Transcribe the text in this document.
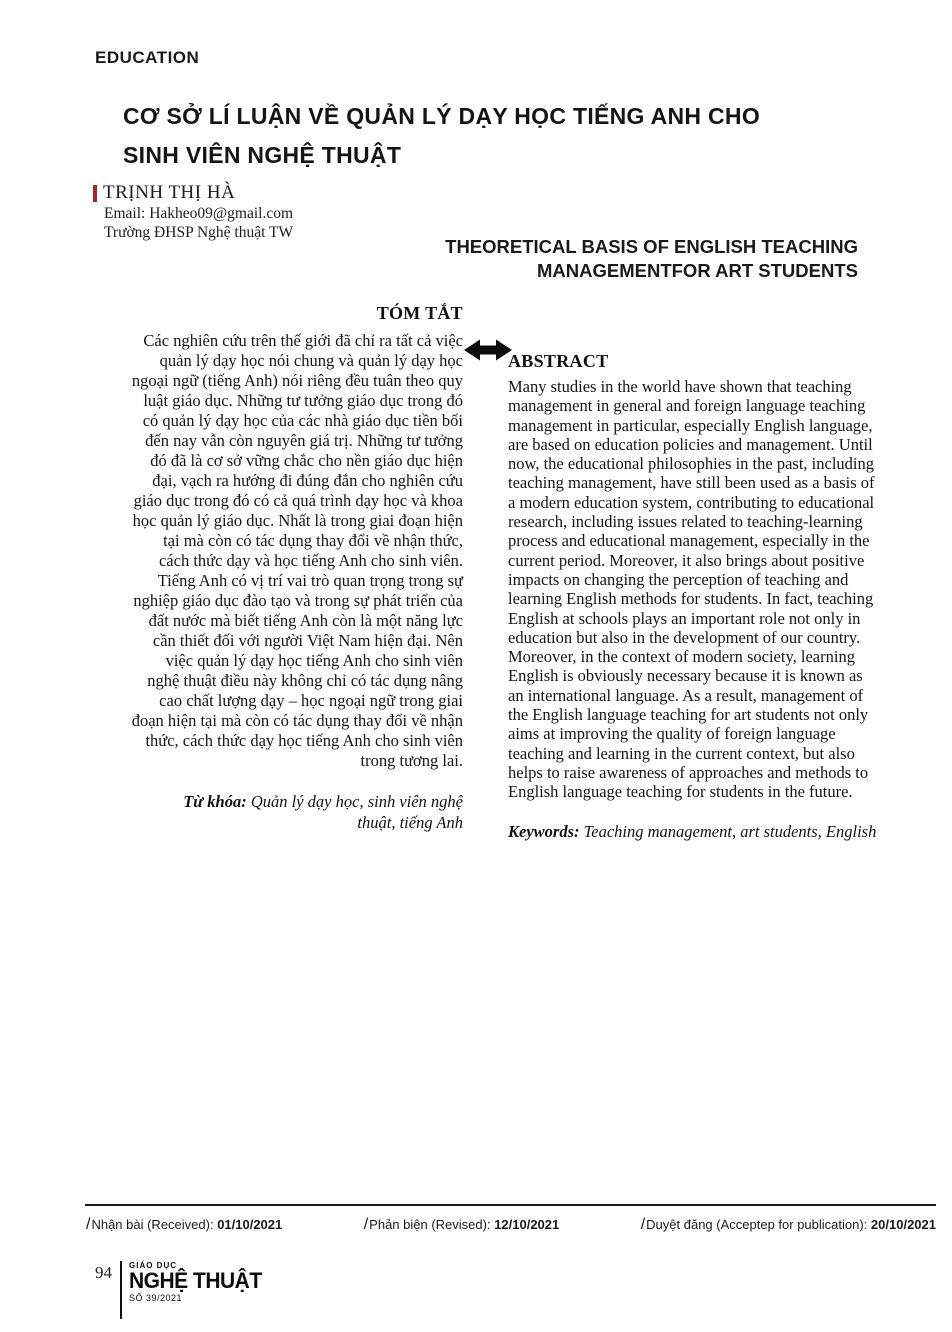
EDUCATION
CƠ SỞ LÍ LUẬN VỀ QUẢN LÝ DẠY HỌC TIẾNG ANH CHO SINH VIÊN NGHỆ THUẬT
TRỊNH THỊ HÀ
Email: Hakheo09@gmail.com
Trường ĐHSP Nghệ thuật TW
THEORETICAL BASIS OF ENGLISH TEACHING MANAGEMENTFOR ART STUDENTS
TÓM TẮT
Các nghiên cứu trên thế giới đã chỉ ra tất cả việc quản lý dạy học nói chung và quản lý dạy học ngoại ngữ (tiếng Anh) nói riêng đều tuân theo quy luật giáo dục. Những tư tưởng giáo dục trong đó có quản lý dạy học của các nhà giáo dục tiền bối đến nay vẫn còn nguyên giá trị. Những tư tưởng đó đã là cơ sở vững chắc cho nền giáo dục hiện đại, vạch ra hướng đi đúng đắn cho nghiên cứu giáo dục trong đó có cả quá trình dạy học và khoa học quản lý giáo dục. Nhất là trong giai đoạn hiện tại mà còn có tác dụng thay đổi về nhận thức, cách thức dạy và học tiếng Anh cho sinh viên. Tiếng Anh có vị trí vai trò quan trọng trong sự nghiệp giáo dục đào tạo và trong sự phát triển của đất nước mà biết tiếng Anh còn là một năng lực cần thiết đối với người Việt Nam hiện đại. Nên việc quản lý dạy học tiếng Anh cho sinh viên nghệ thuật điều này không chỉ có tác dụng nâng cao chất lượng dạy – học ngoại ngữ trong giai đoạn hiện tại mà còn có tác dụng thay đổi về nhận thức, cách thức dạy học tiếng Anh cho sinh viên trong tương lai.
Từ khóa: Quản lý dạy học, sinh viên nghệ thuật, tiếng Anh
ABSTRACT
Many studies in the world have shown that teaching management in general and foreign language teaching management in particular, especially English language, are based on education policies and management. Until now, the educational philosophies in the past, including teaching management, have still been used as a basis of a modern education system, contributing to educational research, including issues related to teaching-learning process and educational management, especially in the current period. Moreover, it also brings about positive impacts on changing the perception of teaching and learning English methods for students. In fact, teaching English at schools plays an important role not only in education but also in the development of our country. Moreover, in the context of modern society, learning English is obviously necessary because it is known as an international language. As a result, management of the English language teaching for art students not only aims at improving the quality of foreign language teaching and learning in the current context, but also helps to raise awareness of approaches and methods to English language teaching for students in the future.
Keywords: Teaching management, art students, English
/Nhận bài (Received): 01/10/2021	/Phản biện (Revised): 12/10/2021	/Duyệt đăng (Acceptep for publication): 20/10/2021
94 GIÁO DỤC
NGHỆ THUẬT
SỐ 39/2021
